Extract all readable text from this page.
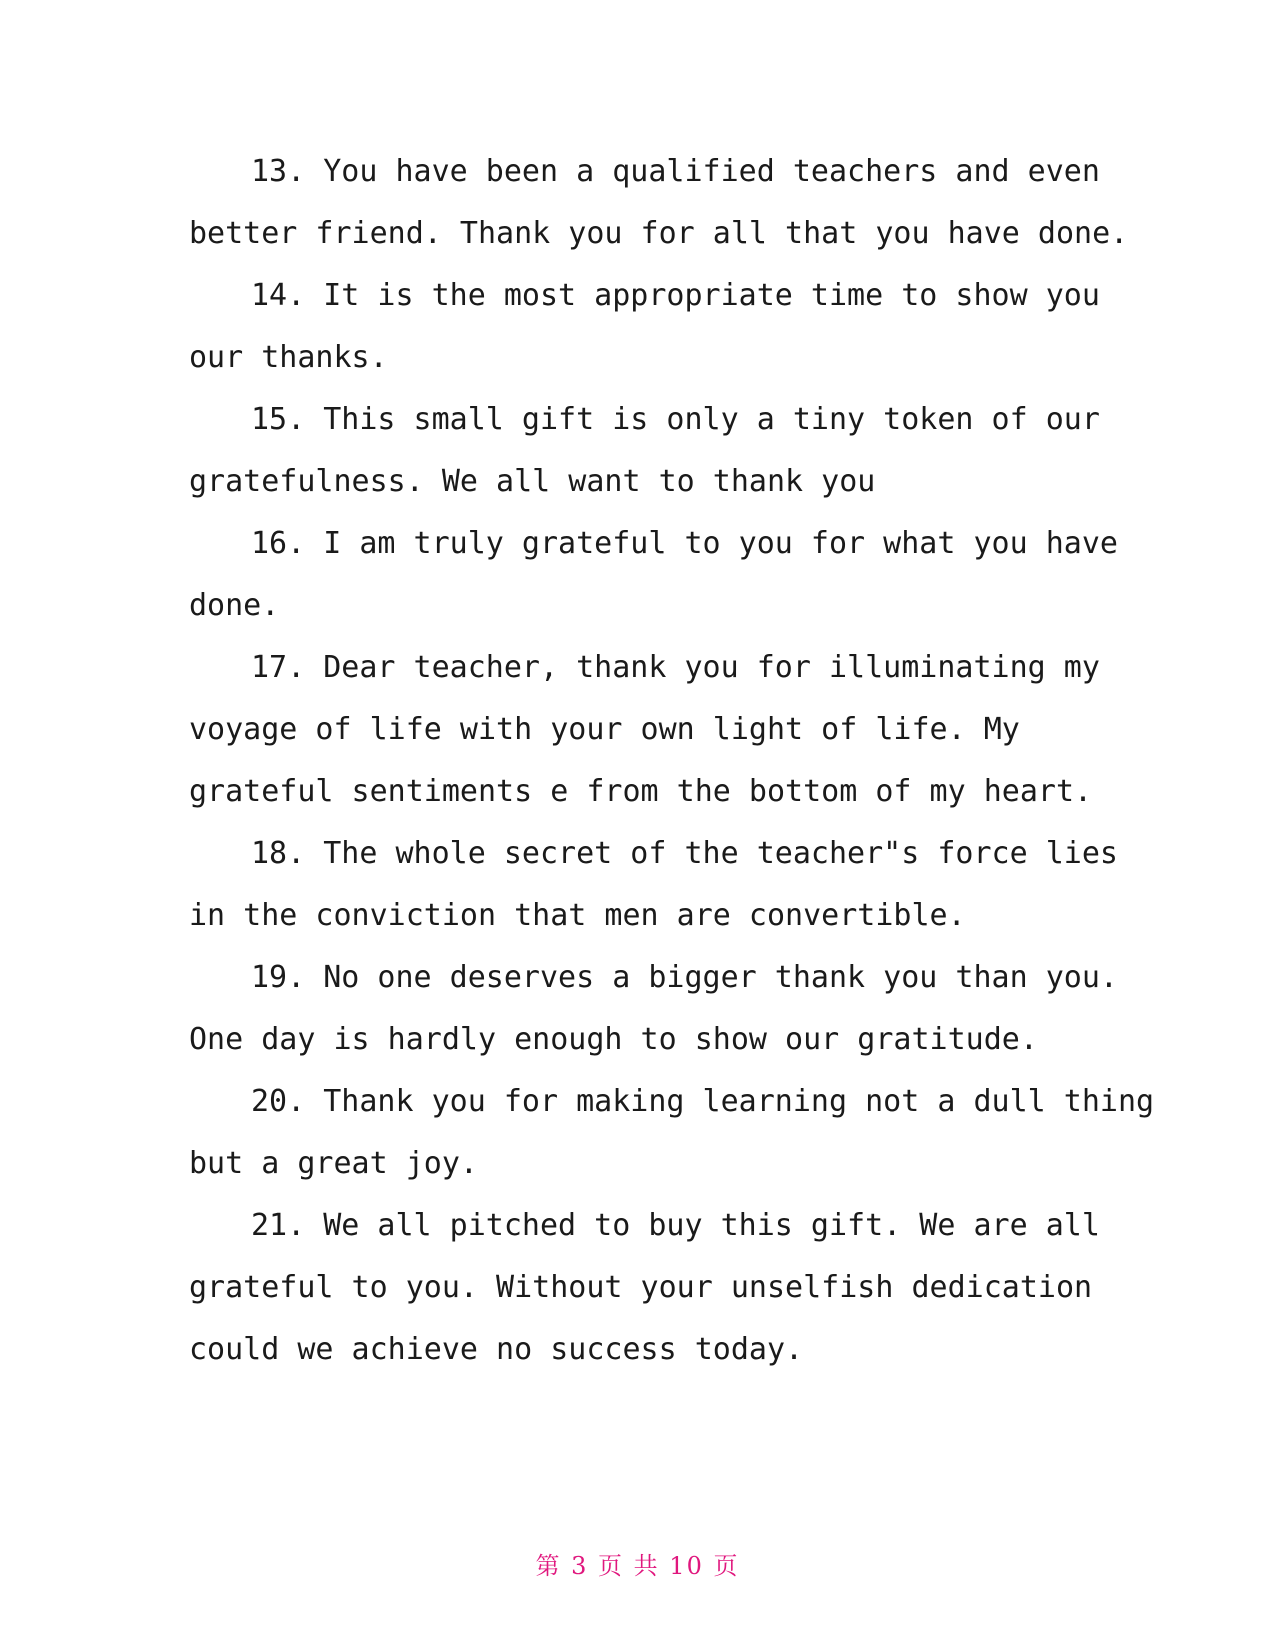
13. You have been a qualified teachers and even
better friend. Thank you for all that you have done.
14. It is the most appropriate time to show you
our thanks.
15. This small gift is only a tiny token of our
gratefulness. We all want to thank you
16. I am truly grateful to you for what you have
done.
17. Dear teacher, thank you for illuminating my
voyage of life with your own light of life. My
grateful sentiments e from the bottom of my heart.
18. The whole secret of the teacher"s force lies
in the conviction that men are convertible.
19. No one deserves a bigger thank you than you.
One day is hardly enough to show our gratitude.
20. Thank you for making learning not a dull thing
but a great joy.
21. We all pitched to buy this gift. We are all
grateful to you. Without your unselfish dedication
could we achieve no success today.
第 3 页 共 10 页
